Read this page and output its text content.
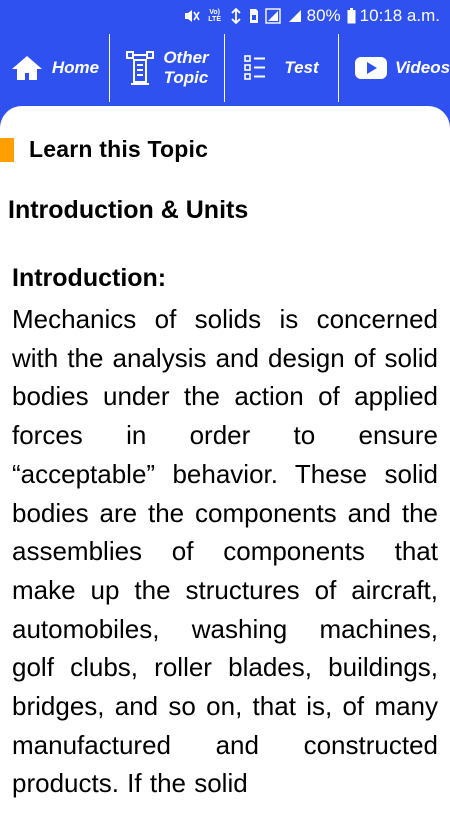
Vo) LTE	80% 10:18 a.m.
Home
Other
Topic
Test	Videos
Learn this Topic
Introduction & Units
Introduction:

Mechanics of solids is concerned with the analysis and design of solid bodies under the action of applied forces in order to ensure “acceptable” behavior. These solid bodies are the components and the assemblies of components that make up the structures of aircraft, automobiles, washing machines, golf clubs, roller blades, buildings, bridges, and so on, that is, of many manufactured and constructed products. If the solid
